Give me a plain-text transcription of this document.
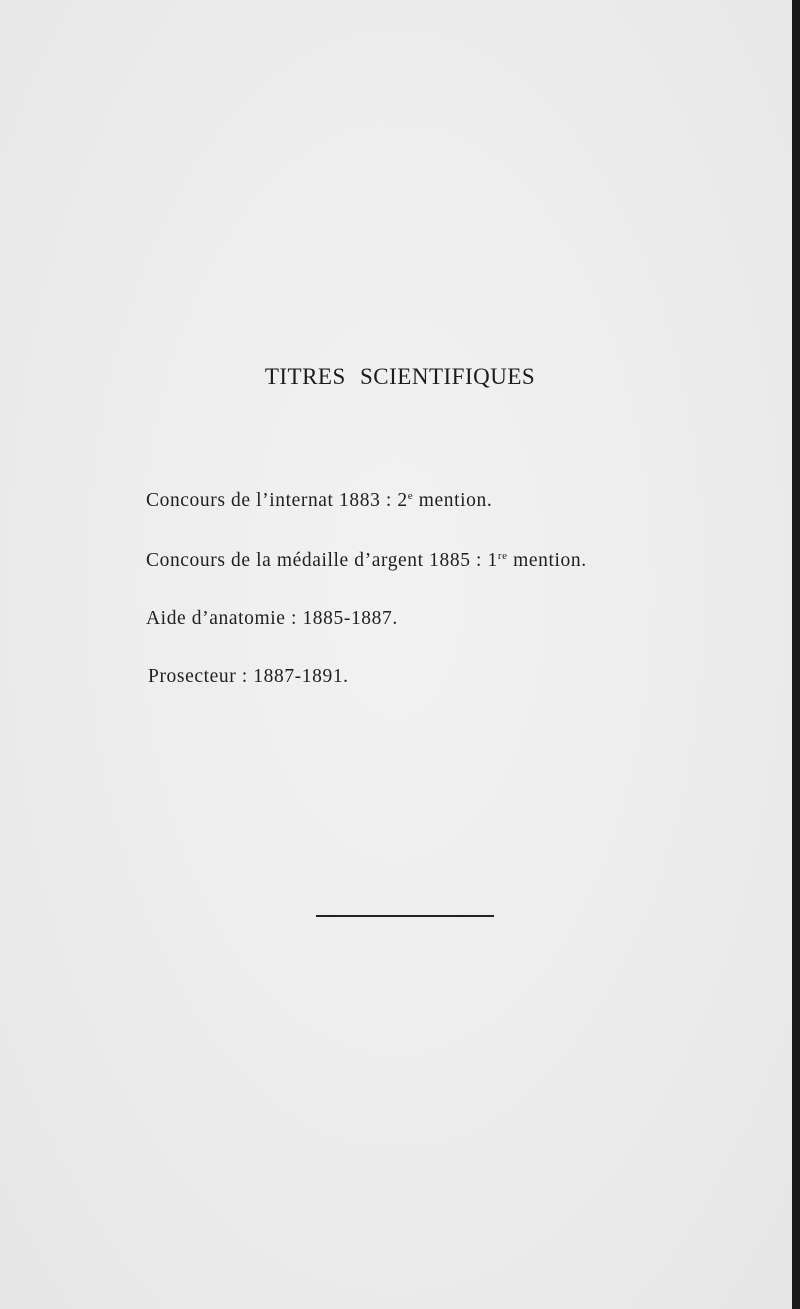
TITRES SCIENTIFIQUES
Concours de l’internat 1883 : 2e mention.
Concours de la médaille d’argent 1885 : 1re mention.
Aide d’anatomie : 1885-1887.
Prosecteur : 1887-1891.
